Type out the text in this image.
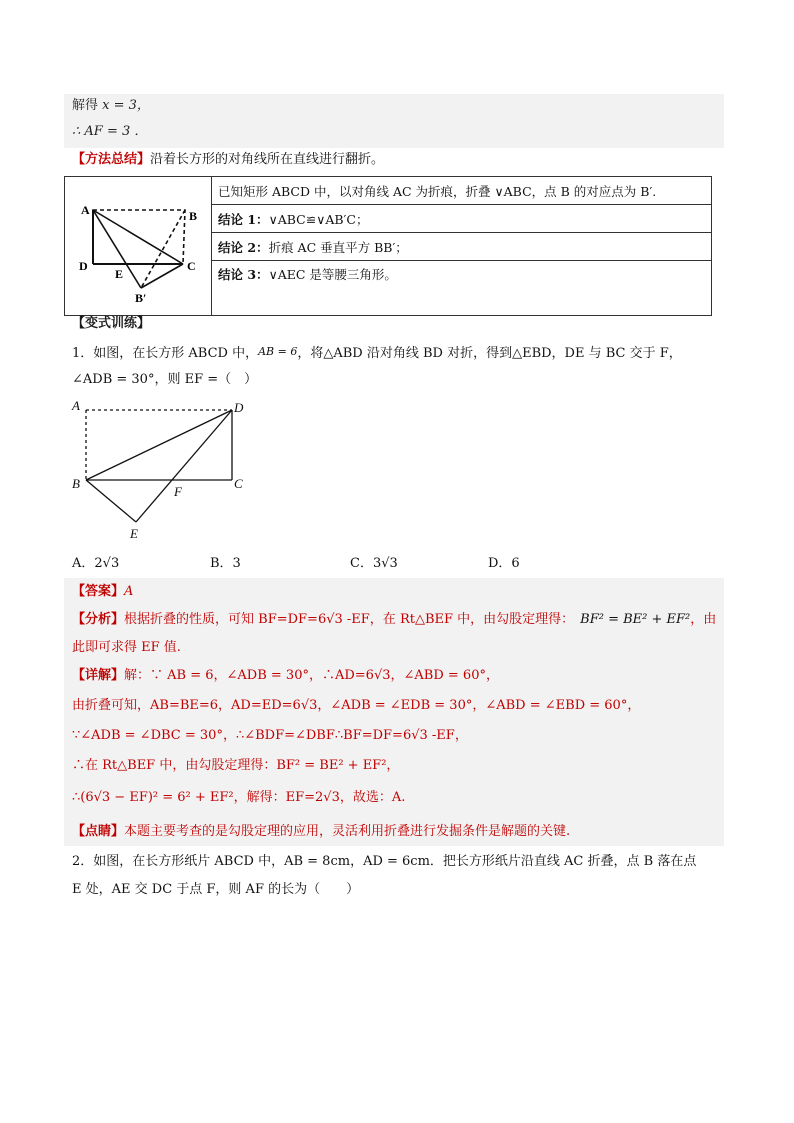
解得 x = 3，
∴ AF = 3 ．
【方法总结】沿着长方形的对角线所在直线进行翻折。
A	B
C
D
E
B′
	已知矩形 ABCD 中，以对角线 AC 为折痕，折叠 ∨ABC，点 B 的对应点为 B′.
结论 1：∨ABC≌∨AB′C；
结论 2：折痕 AC 垂直平方 BB′；
结论 3：∨AEC 是等腰三角形。
【变式训练】
1．如图，在长方形 ABCD 中，AB = 6，将△ABD 沿对角线 BD 对折，得到△EBD，DE 与 BC 交于 F，
∠ADB = 30°，则 EF =（　）
A	D
B	C
F
E
A．2√3	B．3	C．3√3	D．6
【答案】A
【分析】根据折叠的性质，可知 BF=DF=6√3 -EF，在 Rt△BEF 中，由勾股定理得： BF² = BE² + EF²，由
此即可求得 EF 值.
【详解】解：∵ AB = 6，∠ADB = 30°，∴AD=6√3，∠ABD = 60°，
由折叠可知，AB=BE=6，AD=ED=6√3，∠ADB = ∠EDB = 30°，∠ABD = ∠EBD = 60°，
∵∠ADB = ∠DBC = 30°，∴∠BDF=∠DBF∴BF=DF=6√3 -EF，
∴在 Rt△BEF 中，由勾股定理得：BF² = BE² + EF²，
∴(6√3 − EF)² = 6² + EF²，解得：EF=2√3，故选：A.
【点睛】本题主要考查的是勾股定理的应用，灵活利用折叠进行发掘条件是解题的关键.
2．如图，在长方形纸片 ABCD 中，AB = 8cm，AD = 6cm．把长方形纸片沿直线 AC 折叠，点 B 落在点
E 处，AE 交 DC 于点 F，则 AF 的长为（　　）
